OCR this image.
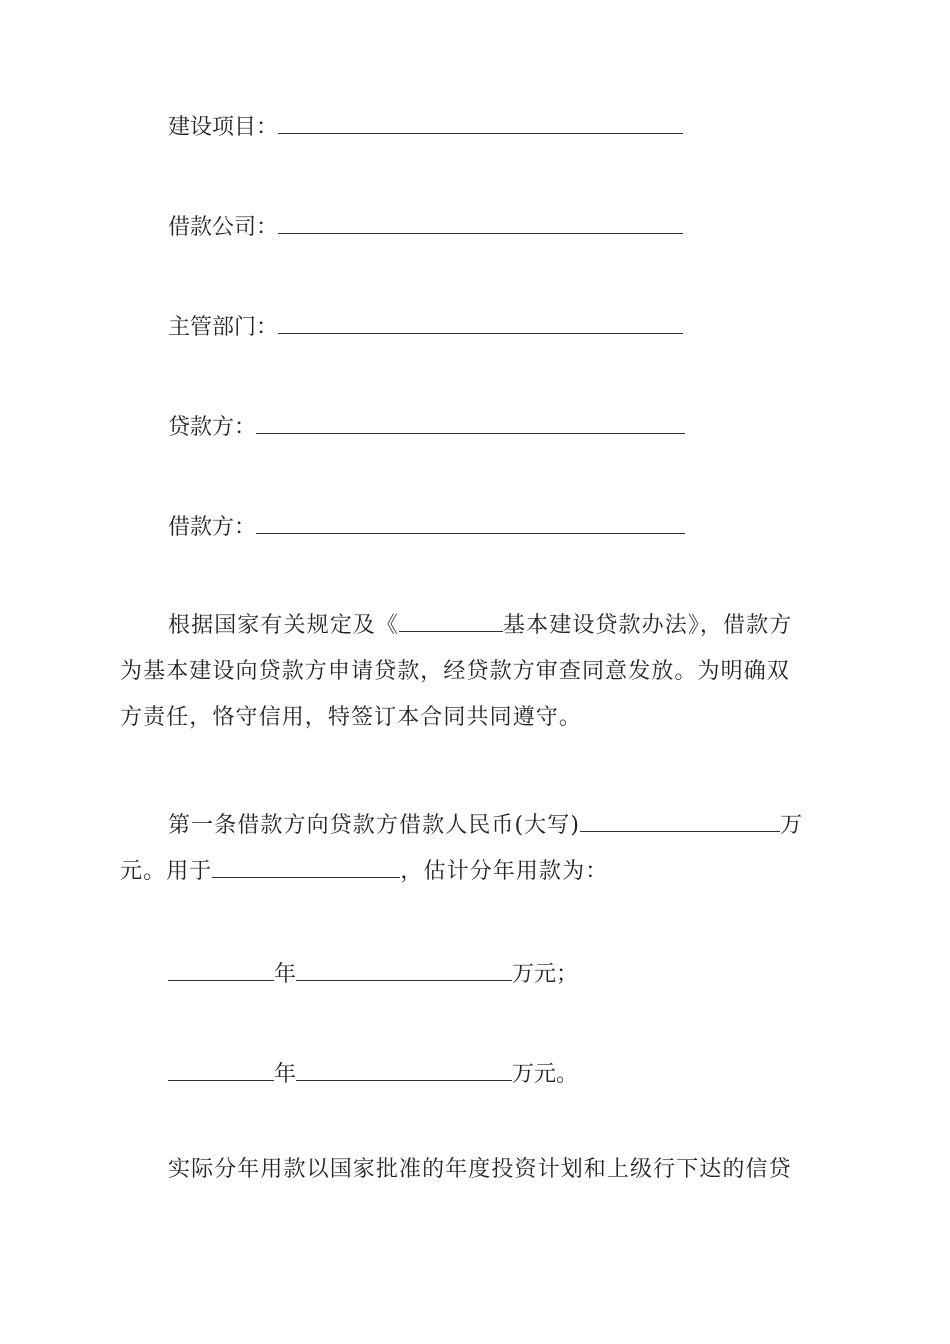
建设项目：
借款公司：
主管部门：
贷款方：
借款方：
根据国家有关规定及《	基本建设贷款办法》，借款方
为基本建设向贷款方申请贷款，经贷款方审查同意发放。为明确双
方责任，恪守信用，特签订本合同共同遵守。
第一条借款方向贷款方借款人民币(大写)	万
元。用于	，估计分年用款为：
年	万元；
年	万元。
实际分年用款以国家批准的年度投资计划和上级行下达的信贷
